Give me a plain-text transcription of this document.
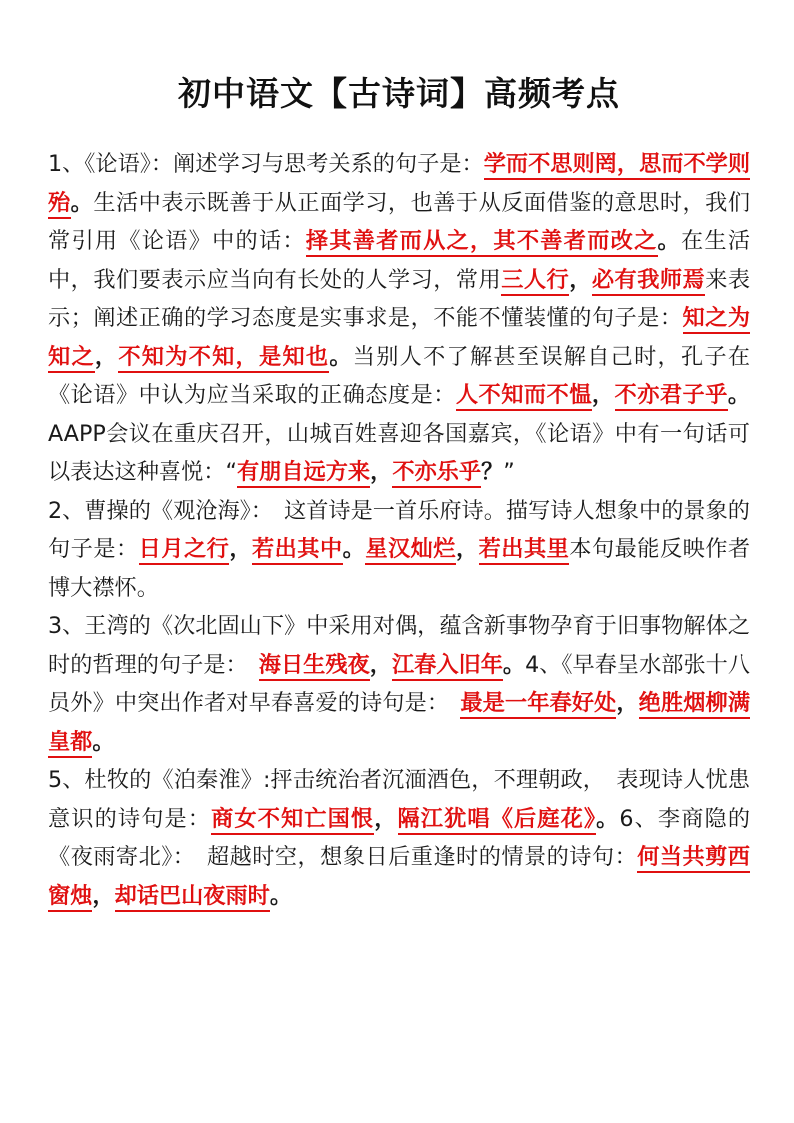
初中语文【古诗词】高频考点

1、《论语》：阐述学习与思考关系的句子是：学而不思则罔，思而不学则殆。生活中表示既善于从正面学习，也善于从反面借鉴的意思时，我们常引用《论语》中的话：择其善者而从之，其不善者而改之。在生活中，我们要表示应当向有长处的人学习，常用三人行，必有我师焉来表示；阐述正确的学习态度是实事求是，不能不懂装懂的句子是：知之为知之，不知为不知，是知也。当别人不了解甚至误解自己时，孔子在《论语》中认为应当采取的正确态度是：人不知而不愠，不亦君子乎。AAPP会议在重庆召开，山城百姓喜迎各国嘉宾，《论语》中有一句话可以表达这种喜悦：“有朋自远方来，不亦乐乎？”

2、曹操的《观沧海》：　这首诗是一首乐府诗。描写诗人想象中的景象的句子是：日月之行，若出其中。星汉灿烂，若出其里本句最能反映作者博大襟怀。

3、王湾的《次北固山下》中采用对偶，蕴含新事物孕育于旧事物解体之时的哲理的句子是：　海日生残夜，江春入旧年。4、《早春呈水部张十八员外》中突出作者对早春喜爱的诗句是：　最是一年春好处，绝胜烟柳满皇都。

5、杜牧的《泊秦淮》:抨击统治者沉湎酒色，不理朝政，　表现诗人忧患意识的诗句是：商女不知亡国恨，隔江犹唱《后庭花》。6、李商隐的《夜雨寄北》：　超越时空，想象日后重逢时的情景的诗句：何当共剪西窗烛，却话巴山夜雨时。
